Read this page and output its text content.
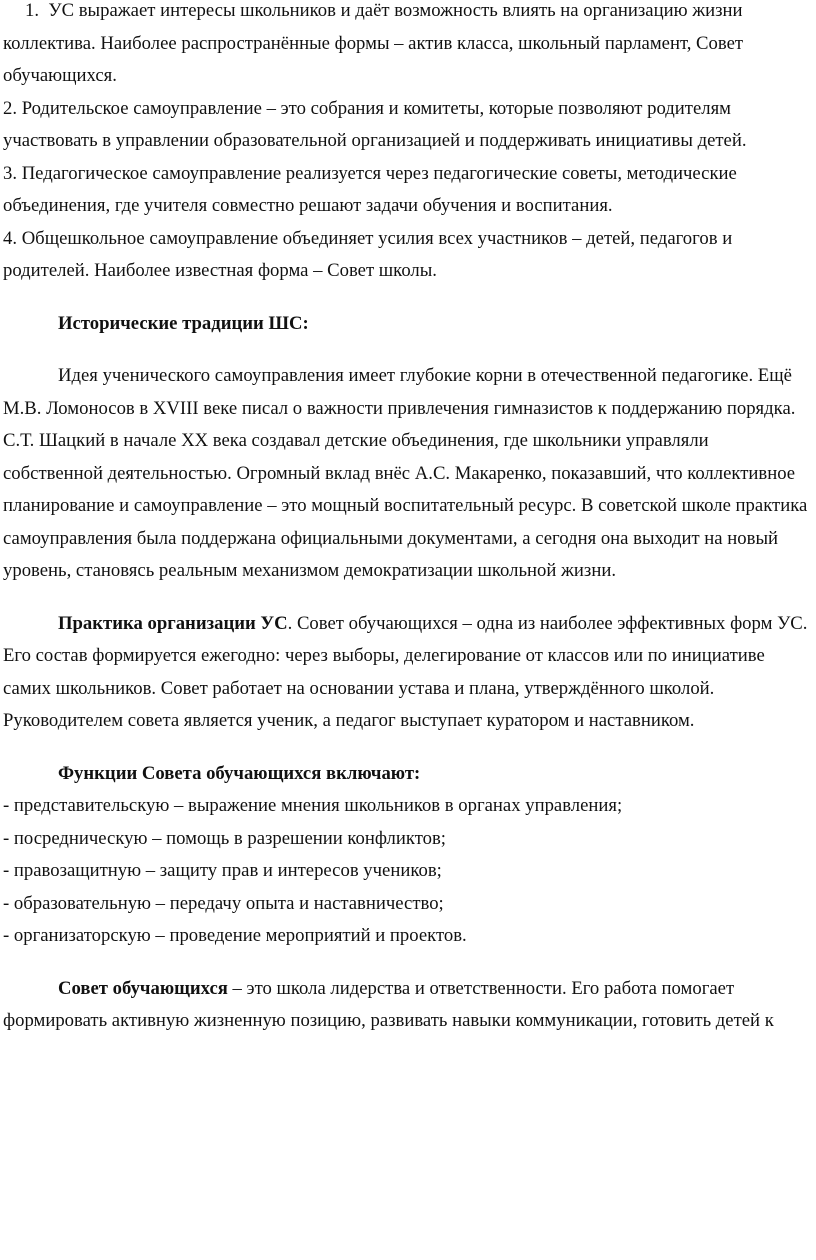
1. УС выражает интересы школьников и даёт возможность влиять на организацию жизни коллектива. Наиболее распространённые формы – актив класса, школьный парламент, Совет обучающихся.

2. Родительское самоуправление – это собрания и комитеты, которые позволяют родителям участвовать в управлении образовательной организацией и поддерживать инициативы детей.

3. Педагогическое самоуправление реализуется через педагогические советы, методические объединения, где учителя совместно решают задачи обучения и воспитания.

4. Общешкольное самоуправление объединяет усилия всех участников – детей, педагогов и родителей. Наиболее известная форма – Совет школы.

Исторические традиции ШС:

Идея ученического самоуправления имеет глубокие корни в отечественной педагогике. Ещё М.В. Ломоносов в XVIII веке писал о важности привлечения гимназистов к поддержанию порядка. С.Т. Шацкий в начале XX века создавал детские объединения, где школьники управляли собственной деятельностью. Огромный вклад внёс А.С. Макаренко, показавший, что коллективное планирование и самоуправление – это мощный воспитательный ресурс. В советской школе практика самоуправления была поддержана официальными документами, а сегодня она выходит на новый уровень, становясь реальным механизмом демократизации школьной жизни.

Практика организации УС. Совет обучающихся – одна из наиболее эффективных форм УС. Его состав формируется ежегодно: через выборы, делегирование от классов или по инициативе самих школьников. Совет работает на основании устава и плана, утверждённого школой. Руководителем совета является ученик, а педагог выступает куратором и наставником.

Функции Совета обучающихся включают:

- представительскую – выражение мнения школьников в органах управления;

- посредническую – помощь в разрешении конфликтов;

- правозащитную – защиту прав и интересов учеников;

- образовательную – передачу опыта и наставничество;

- организаторскую – проведение мероприятий и проектов.

Совет обучающихся – это школа лидерства и ответственности. Его работа помогает формировать активную жизненную позицию, развивать навыки коммуникации, готовить детей к
